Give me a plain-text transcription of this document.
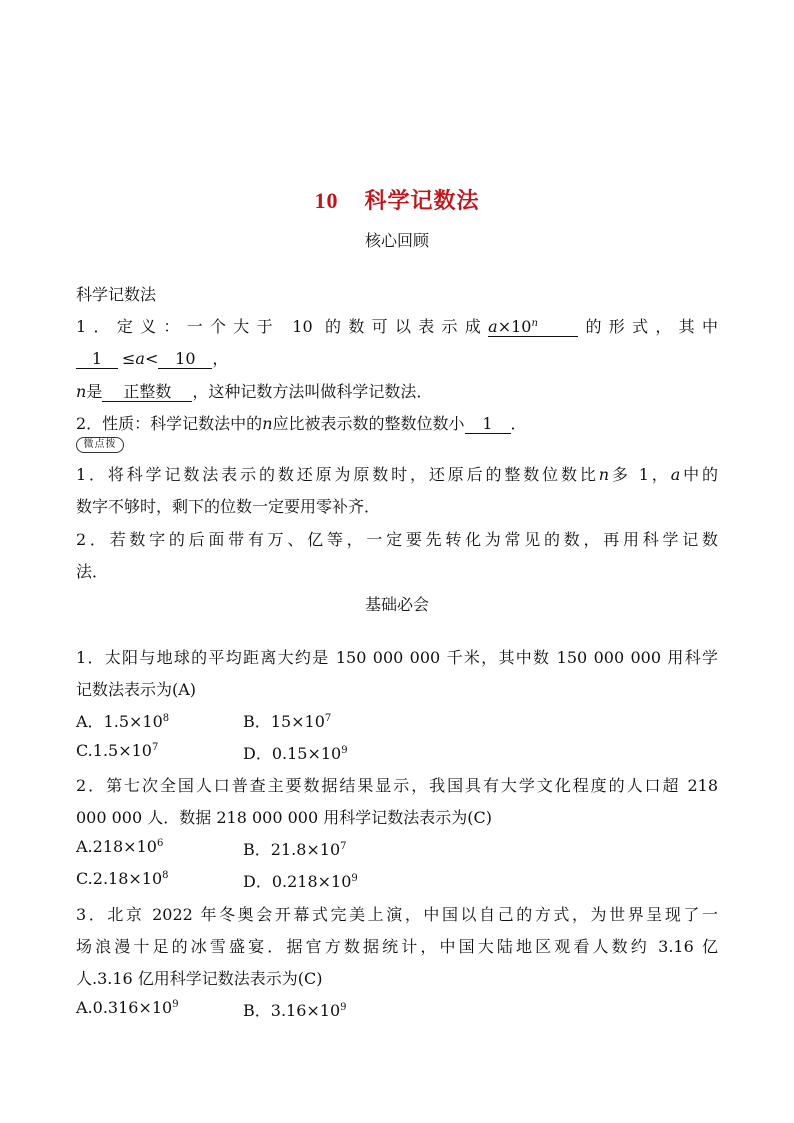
10 科学记数法
核心回顾
科学记数法
1．定义：一个大于 10 的数可以表示成$a\times 10^n$	的形式，其中
1 ≤a< 10 ，
n是 正整数 ，这种记数方法叫做科学记数法．
2．性质：科学记数法中的n应比被表示数的整数位数小 1 ．
微点拨
1．将科学记数法表示的数还原为原数时，还原后的整数位数比n多 1，a中的
数字不够时，剩下的位数一定要用零补齐．
2．若数字的后面带有万、亿等，一定要先转化为常见的数，再用科学记数
法．
基础必会
1．太阳与地球的平均距离大约是 150 000 000 千米，其中数 150 000 000 用科学
记数法表示为(A)
A．$1.5\times 10^8$	B．$15\times 10^7$
$C.1.5\times 10^7$	D．$0.15\times 10^9$
2．第七次全国人口普查主要数据结果显示，我国具有大学文化程度的人口超 218
000 000 人．数据 218 000 000 用科学记数法表示为(C)
$A.218\times 10^6$	B．$21.8\times 10^7$
$C.2.18\times 10^8$	D．$0.218\times 10^9$
3．北京 2022 年冬奥会开幕式完美上演，中国以自己的方式，为世界呈现了一
场浪漫十足的冰雪盛宴．据官方数据统计，中国大陆地区观看人数约 3.16 亿
人.3.16 亿用科学记数法表示为(C)
$A.0.316\times 10^9$	B．$3.16\times 10^9$
